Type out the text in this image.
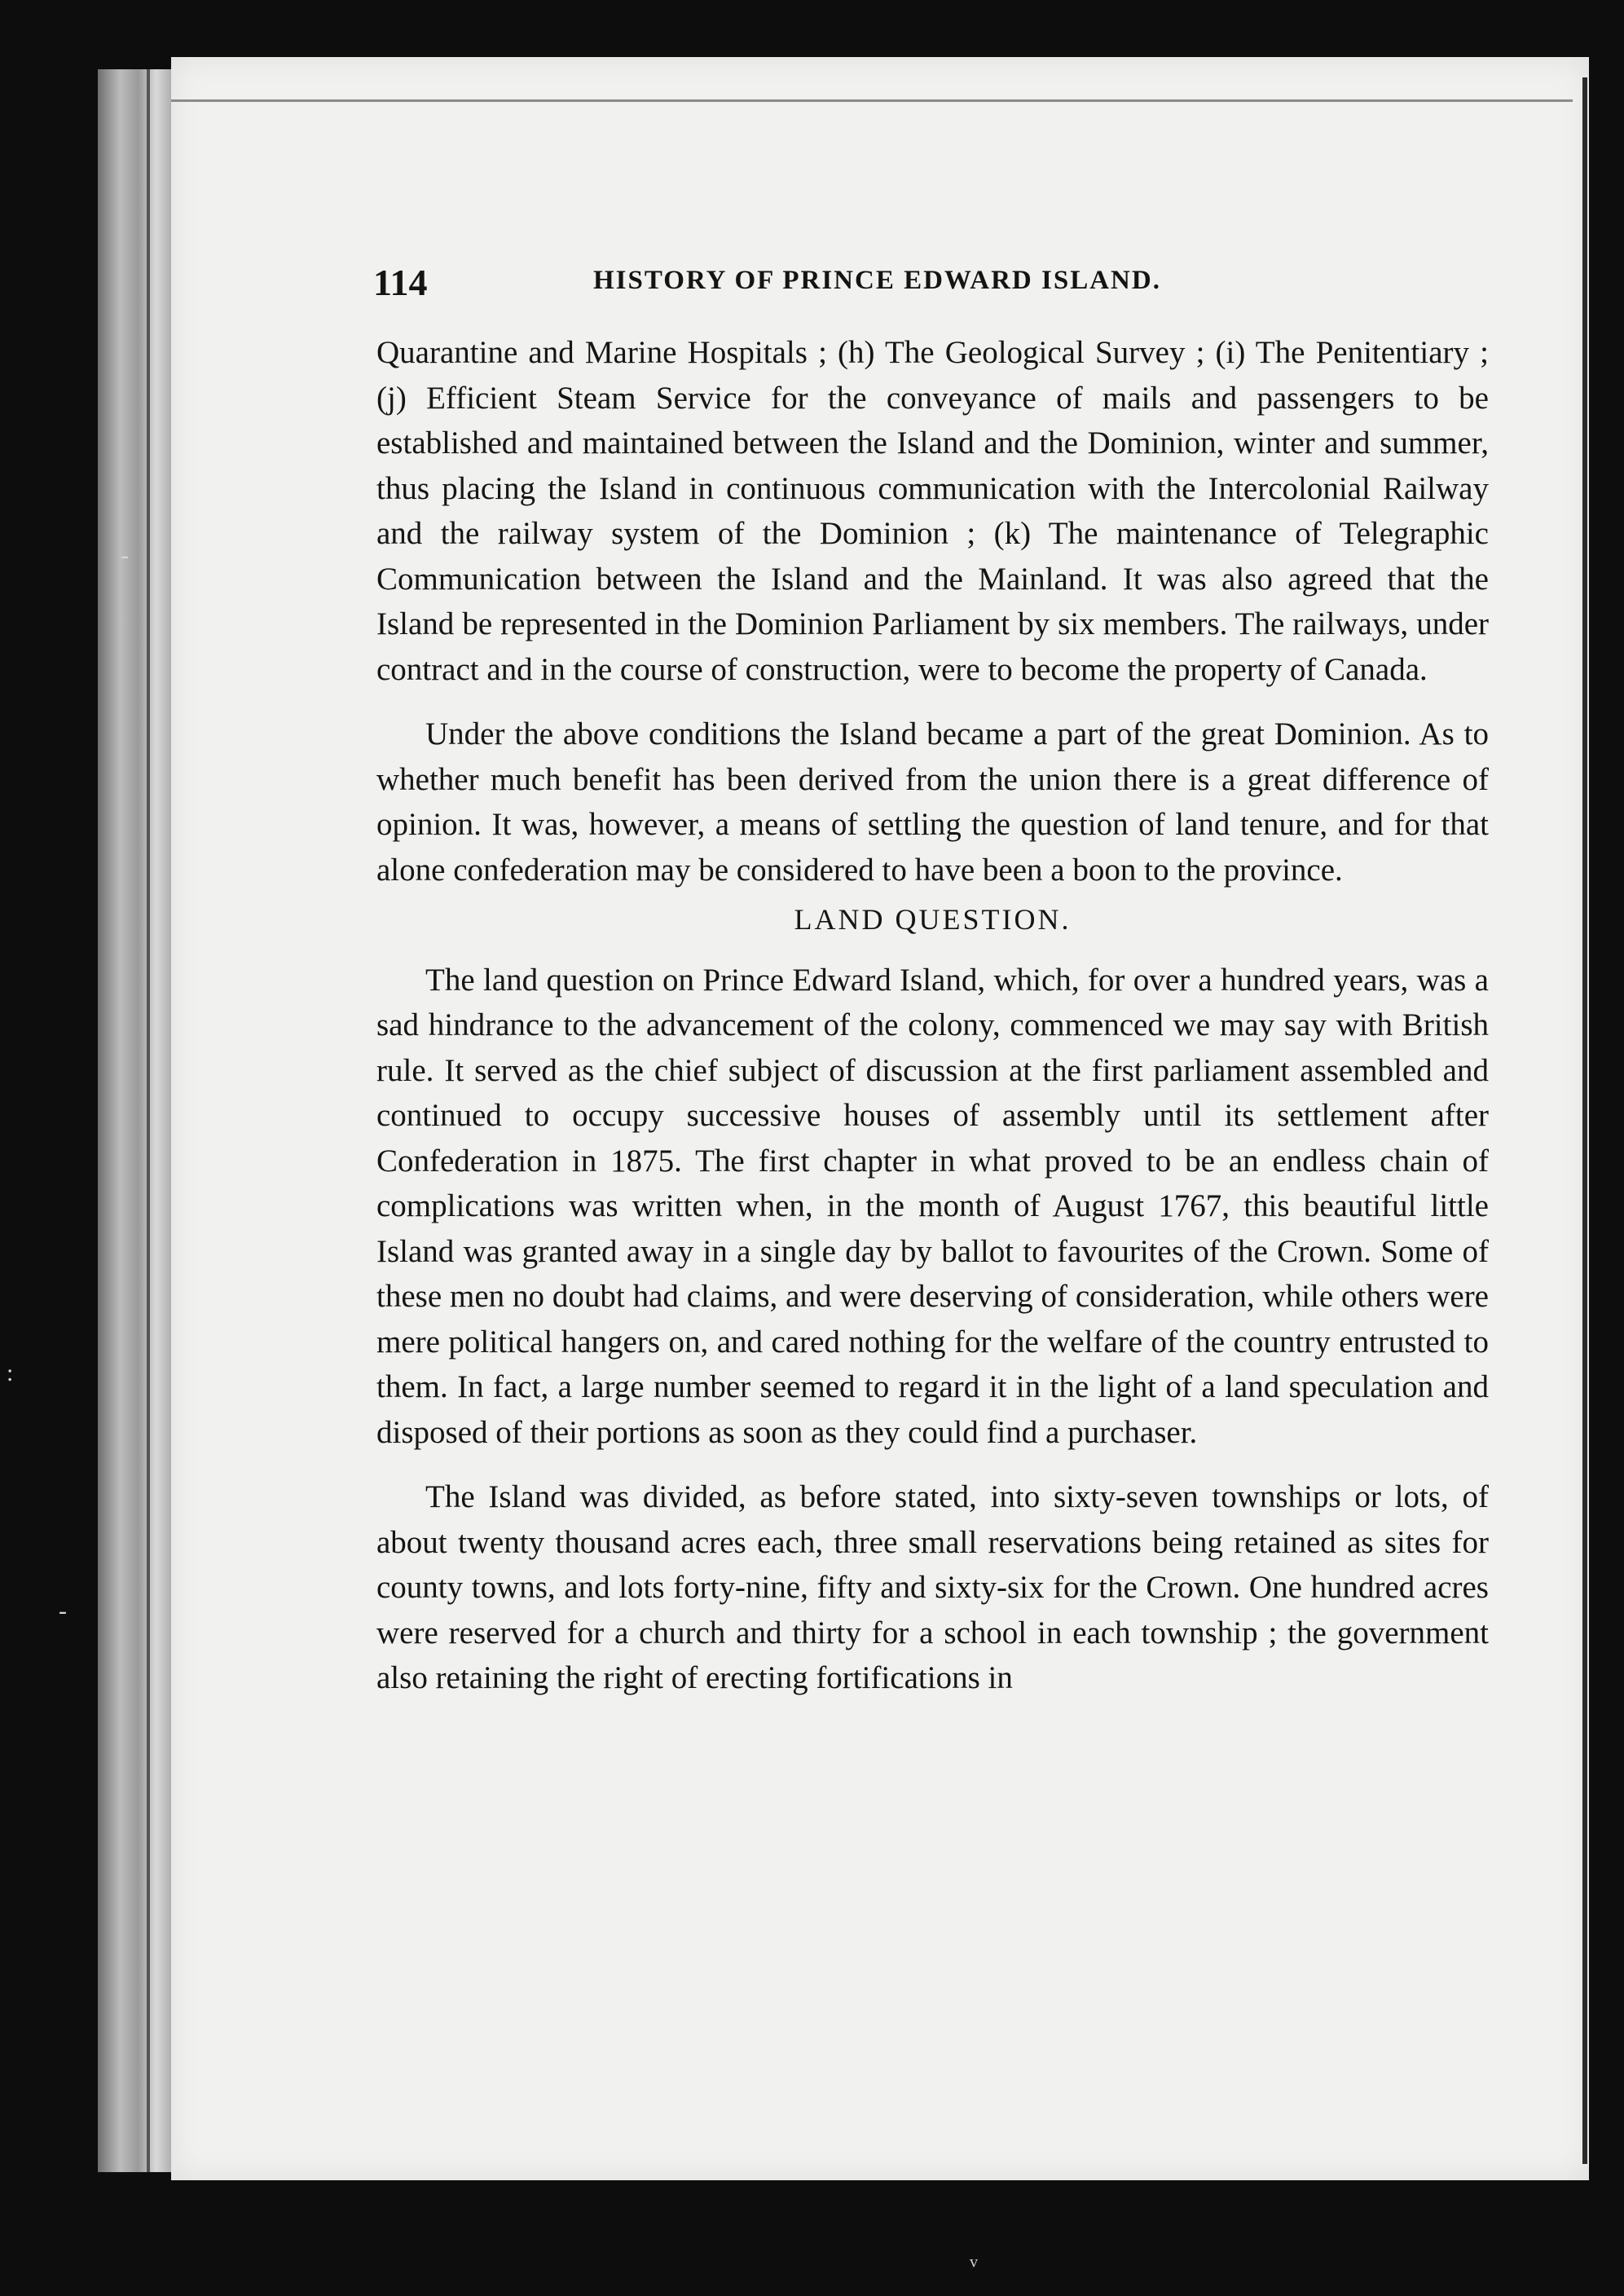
-
:
-
114	HISTORY OF PRINCE EDWARD ISLAND.

Quarantine and Marine Hospitals ; (h) The Geological Survey ; (i) The Penitentiary ; (j) Efficient Steam Service for the conveyance of mails and passengers to be established and maintained between the Island and the Dominion, winter and summer, thus placing the Island in continuous communication with the Intercolonial Railway and the railway system of the Dominion ; (k) The maintenance of Telegraphic Communication between the Island and the Mainland. It was also agreed that the Island be represented in the Dominion Parliament by six members. The railways, under contract and in the course of construction, were to become the property of Canada.

Under the above conditions the Island became a part of the great Dominion. As to whether much benefit has been derived from the union there is a great difference of opinion. It was, however, a means of settling the question of land tenure, and for that alone confederation may be considered to have been a boon to the province.

LAND QUESTION.

The land question on Prince Edward Island, which, for over a hundred years, was a sad hindrance to the advancement of the colony, commenced we may say with British rule. It served as the chief subject of discussion at the first parliament assembled and continued to occupy successive houses of assembly until its settlement after Confederation in 1875. The first chapter in what proved to be an endless chain of complications was written when, in the month of August 1767, this beautiful little Island was granted away in a single day by ballot to favourites of the Crown. Some of these men no doubt had claims, and were deserving of consideration, while others were mere political hangers on, and cared nothing for the welfare of the country entrusted to them. In fact, a large number seemed to regard it in the light of a land speculation and disposed of their portions as soon as they could find a purchaser.

The Island was divided, as before stated, into sixty-seven townships or lots, of about twenty thousand acres each, three small reservations being retained as sites for county towns, and lots forty-nine, fifty and sixty-six for the Crown. One hundred acres were reserved for a church and thirty for a school in each township ; the government also retaining the right of erecting fortifications in

ᵛ
